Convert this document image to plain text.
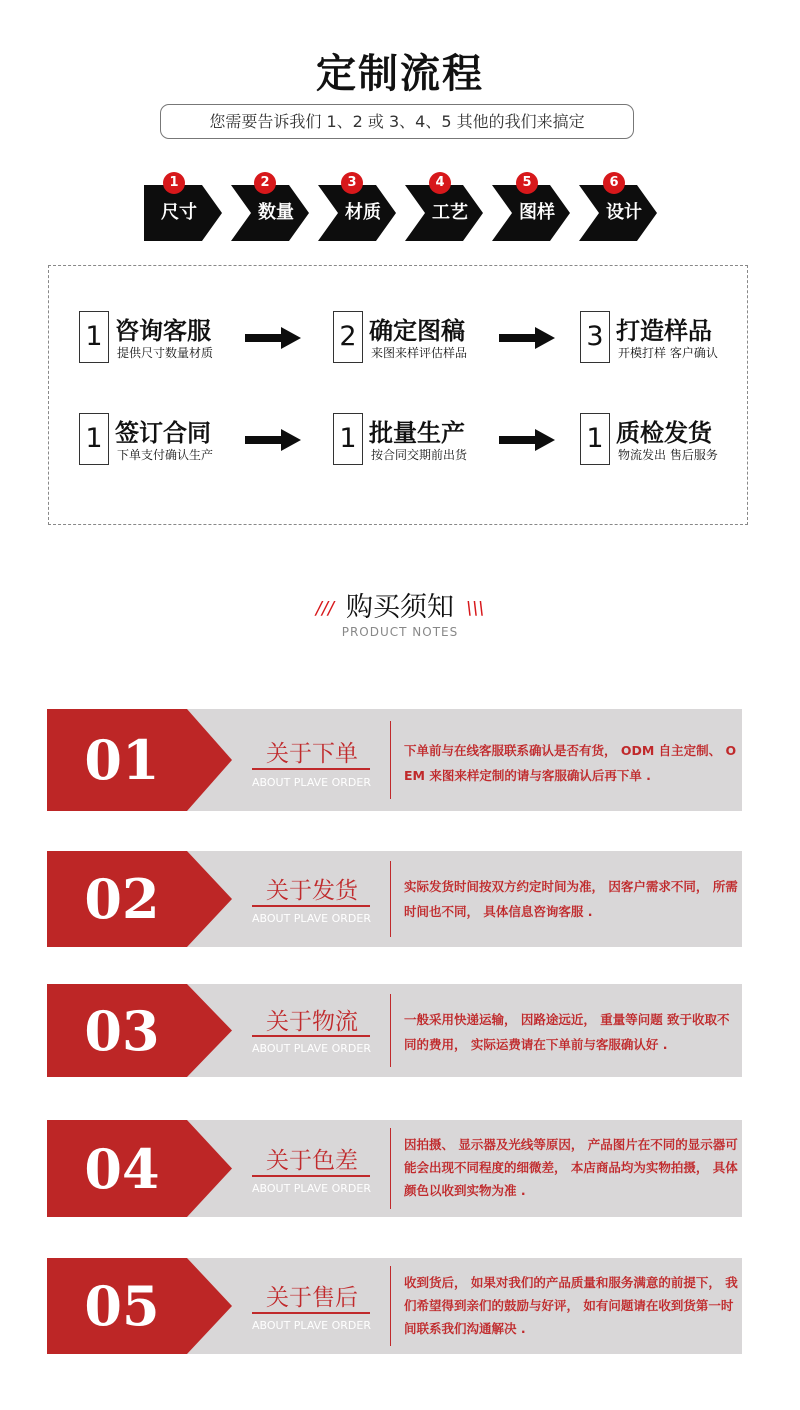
定制流程
您需要告诉我们 1、2 或 3、4、5 其他的我们来搞定
尺寸
1
数量
2
材质
3
工艺
4
图样
5
设计
6
1 咨询客服
提供尺寸数量材质
2 确定图稿
来图来样评估样品
3 打造样品
开模打样 客户确认
1 签订合同
下单支付确认生产
1 批量生产
按合同交期前出货
1 质检发货
物流发出 售后服务
/// 购买须知 \\\
PRODUCT NOTES
01	关于下单
ABOUT PLAVE ORDER
下单前与在线客服联系确认是否有货， ODM 自主定制、 OEM 来图来样定制的请与客服确认后再下单 .
02	关于发货
ABOUT PLAVE ORDER
实际发货时间按双方约定时间为准， 因客户需求不同， 所需时间也不同， 具体信息咨询客服 .
03	关于物流
ABOUT PLAVE ORDER
一般采用快递运输， 因路途远近， 重量等问题 致于收取不同的费用， 实际运费请在下单前与客服确认好 .
04	关于色差
ABOUT PLAVE ORDER
因拍摄、 显示器及光线等原因， 产品图片在不同的显示器可能会出现不同程度的细微差， 本店商品均为实物拍摄， 具体颜色以收到实物为准 .
05	关于售后
ABOUT PLAVE ORDER
收到货后， 如果对我们的产品质量和服务满意的前提下， 我们希望得到亲们的鼓励与好评， 如有问题请在收到货第一时间联系我们沟通解决 .
